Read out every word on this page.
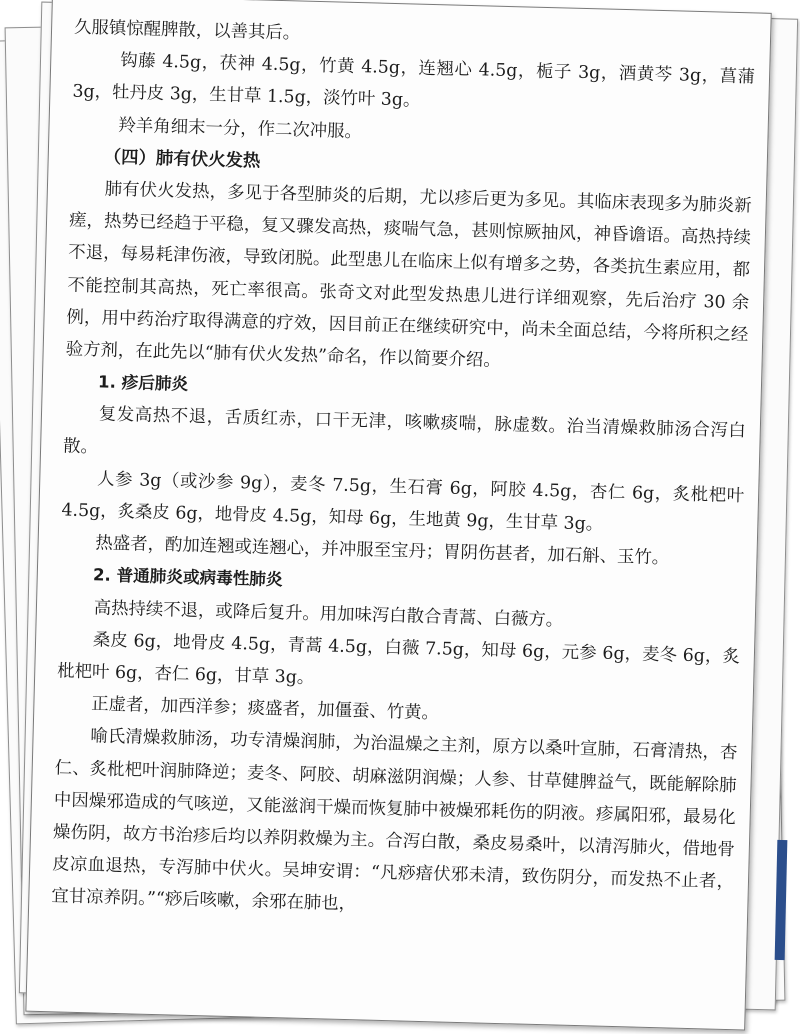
久服镇惊醒脾散，以善其后。

钩藤 4.5g，茯神 4.5g，竹黄 4.5g，连翘心 4.5g，栀子 3g，酒黄芩 3g，菖蒲 3g，牡丹皮 3g，生甘草 1.5g，淡竹叶 3g。

羚羊角细末一分，作二次冲服。

（四）肺有伏火发热

肺有伏火发热，多见于各型肺炎的后期，尤以疹后更为多见。其临床表现多为肺炎新瘥，热势已经趋于平稳，复又骤发高热，痰喘气急，甚则惊厥抽风，神昏谵语。高热持续不退，每易耗津伤液，导致闭脱。此型患儿在临床上似有增多之势，各类抗生素应用，都不能控制其高热，死亡率很高。张奇文对此型发热患儿进行详细观察，先后治疗 30 余例，用中药治疗取得满意的疗效，因目前正在继续研究中，尚未全面总结，今将所积之经验方剂，在此先以“肺有伏火发热”命名，作以简要介绍。

1. 疹后肺炎

复发高热不退，舌质红赤，口干无津，咳嗽痰喘，脉虚数。治当清燥救肺汤合泻白散。

人参 3g（或沙参 9g），麦冬 7.5g，生石膏 6g，阿胶 4.5g，杏仁 6g，炙枇杷叶 4.5g，炙桑皮 6g，地骨皮 4.5g，知母 6g，生地黄 9g，生甘草 3g。

热盛者，酌加连翘或连翘心，并冲服至宝丹；胃阴伤甚者，加石斛、玉竹。

2. 普通肺炎或病毒性肺炎

高热持续不退，或降后复升。用加味泻白散合青蒿、白薇方。

桑皮 6g，地骨皮 4.5g，青蒿 4.5g，白薇 7.5g，知母 6g，元参 6g，麦冬 6g，炙枇杷叶 6g，杏仁 6g，甘草 3g。

正虚者，加西洋参；痰盛者，加僵蚕、竹黄。

喻氏清燥救肺汤，功专清燥润肺，为治温燥之主剂，原方以桑叶宣肺，石膏清热，杏仁、炙枇杷叶润肺降逆；麦冬、阿胶、胡麻滋阴润燥；人参、甘草健脾益气，既能解除肺中因燥邪造成的气咳逆，又能滋润干燥而恢复肺中被燥邪耗伤的阴液。疹属阳邪，最易化燥伤阴，故方书治疹后均以养阴救燥为主。合泻白散，桑皮易桑叶，以清泻肺火，借地骨皮凉血退热，专泻肺中伏火。吴坤安谓：“凡痧瘖伏邪未清，致伤阴分，而发热不止者，宜甘凉养阴。”“痧后咳嗽，余邪在肺也，
